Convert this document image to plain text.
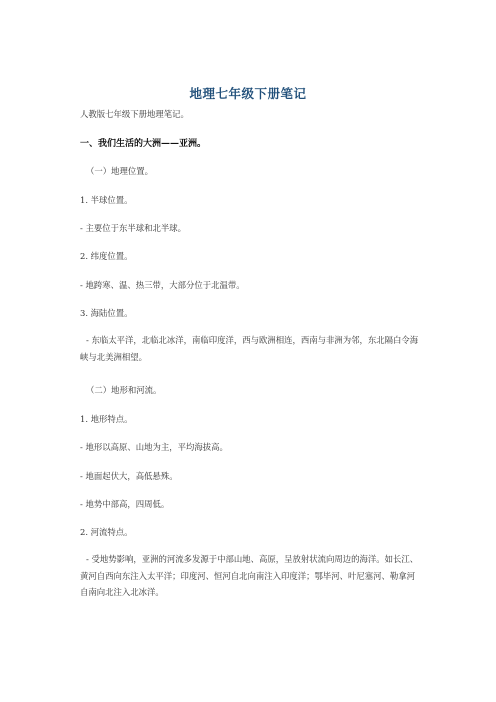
地理七年级下册笔记
人教版七年级下册地理笔记。
一、我们生活的大洲——亚洲。
（一）地理位置。
1. 半球位置。
- 主要位于东半球和北半球。
2. 纬度位置。
- 地跨寒、温、热三带，大部分位于北温带。
3. 海陆位置。
- 东临太平洋，北临北冰洋，南临印度洋，西与欧洲相连，西南与非洲为邻，东北隔白令海峡与北美洲相望。
（二）地形和河流。
1. 地形特点。
- 地形以高原、山地为主，平均海拔高。
- 地面起伏大，高低悬殊。
- 地势中部高，四周低。
2. 河流特点。
- 受地势影响，亚洲的河流多发源于中部山地、高原，呈放射状流向周边的海洋。如长江、黄河自西向东注入太平洋；印度河、恒河自北向南注入印度洋；鄂毕河、叶尼塞河、勒拿河自南向北注入北冰洋。
